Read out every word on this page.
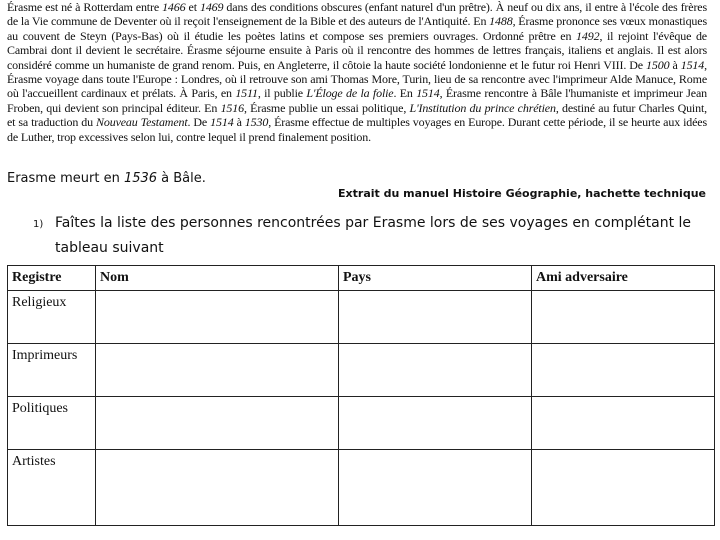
Érasme est né à Rotterdam entre 1466 et 1469 dans des conditions obscures (enfant naturel d'un prêtre). À neuf ou dix ans, il entre à l'école des frères de la Vie commune de Deventer où il reçoit l'enseignement de la Bible et des auteurs de l'Antiquité. En 1488, Érasme prononce ses vœux monastiques au couvent de Steyn (Pays-Bas) où il étudie les poètes latins et compose ses premiers ouvrages. Ordonné prêtre en 1492, il rejoint l'évêque de Cambrai dont il devient le secrétaire. Érasme séjourne ensuite à Paris où il rencontre des hommes de lettres français, italiens et anglais. Il est alors considéré comme un humaniste de grand renom. Puis, en Angleterre, il côtoie la haute société londonienne et le futur roi Henri VIII. De 1500 à 1514, Érasme voyage dans toute l'Europe : Londres, où il retrouve son ami Thomas More, Turin, lieu de sa rencontre avec l'imprimeur Alde Manuce, Rome où l'accueillent cardinaux et prélats. À Paris, en 1511, il publie L'Éloge de la folie. En 1514, Érasme rencontre à Bâle l'humaniste et imprimeur Jean Froben, qui devient son principal éditeur. En 1516, Érasme publie un essai politique, L'Institution du prince chrétien, destiné au futur Charles Quint, et sa traduction du Nouveau Testament. De 1514 à 1530, Érasme effectue de multiples voyages en Europe. Durant cette période, il se heurte aux idées de Luther, trop excessives selon lui, contre lequel il prend finalement position.

Erasme meurt en 1536 à Bâle.
Extrait du manuel Histoire Géographie, hachette technique
1) Faîtes la liste des personnes rencontrées par Erasme lors de ses voyages en complétant le tableau suivant
Registre	Nom	Pays	Ami adversaire
Religieux			
Imprimeurs			
Politiques			
Artistes			
